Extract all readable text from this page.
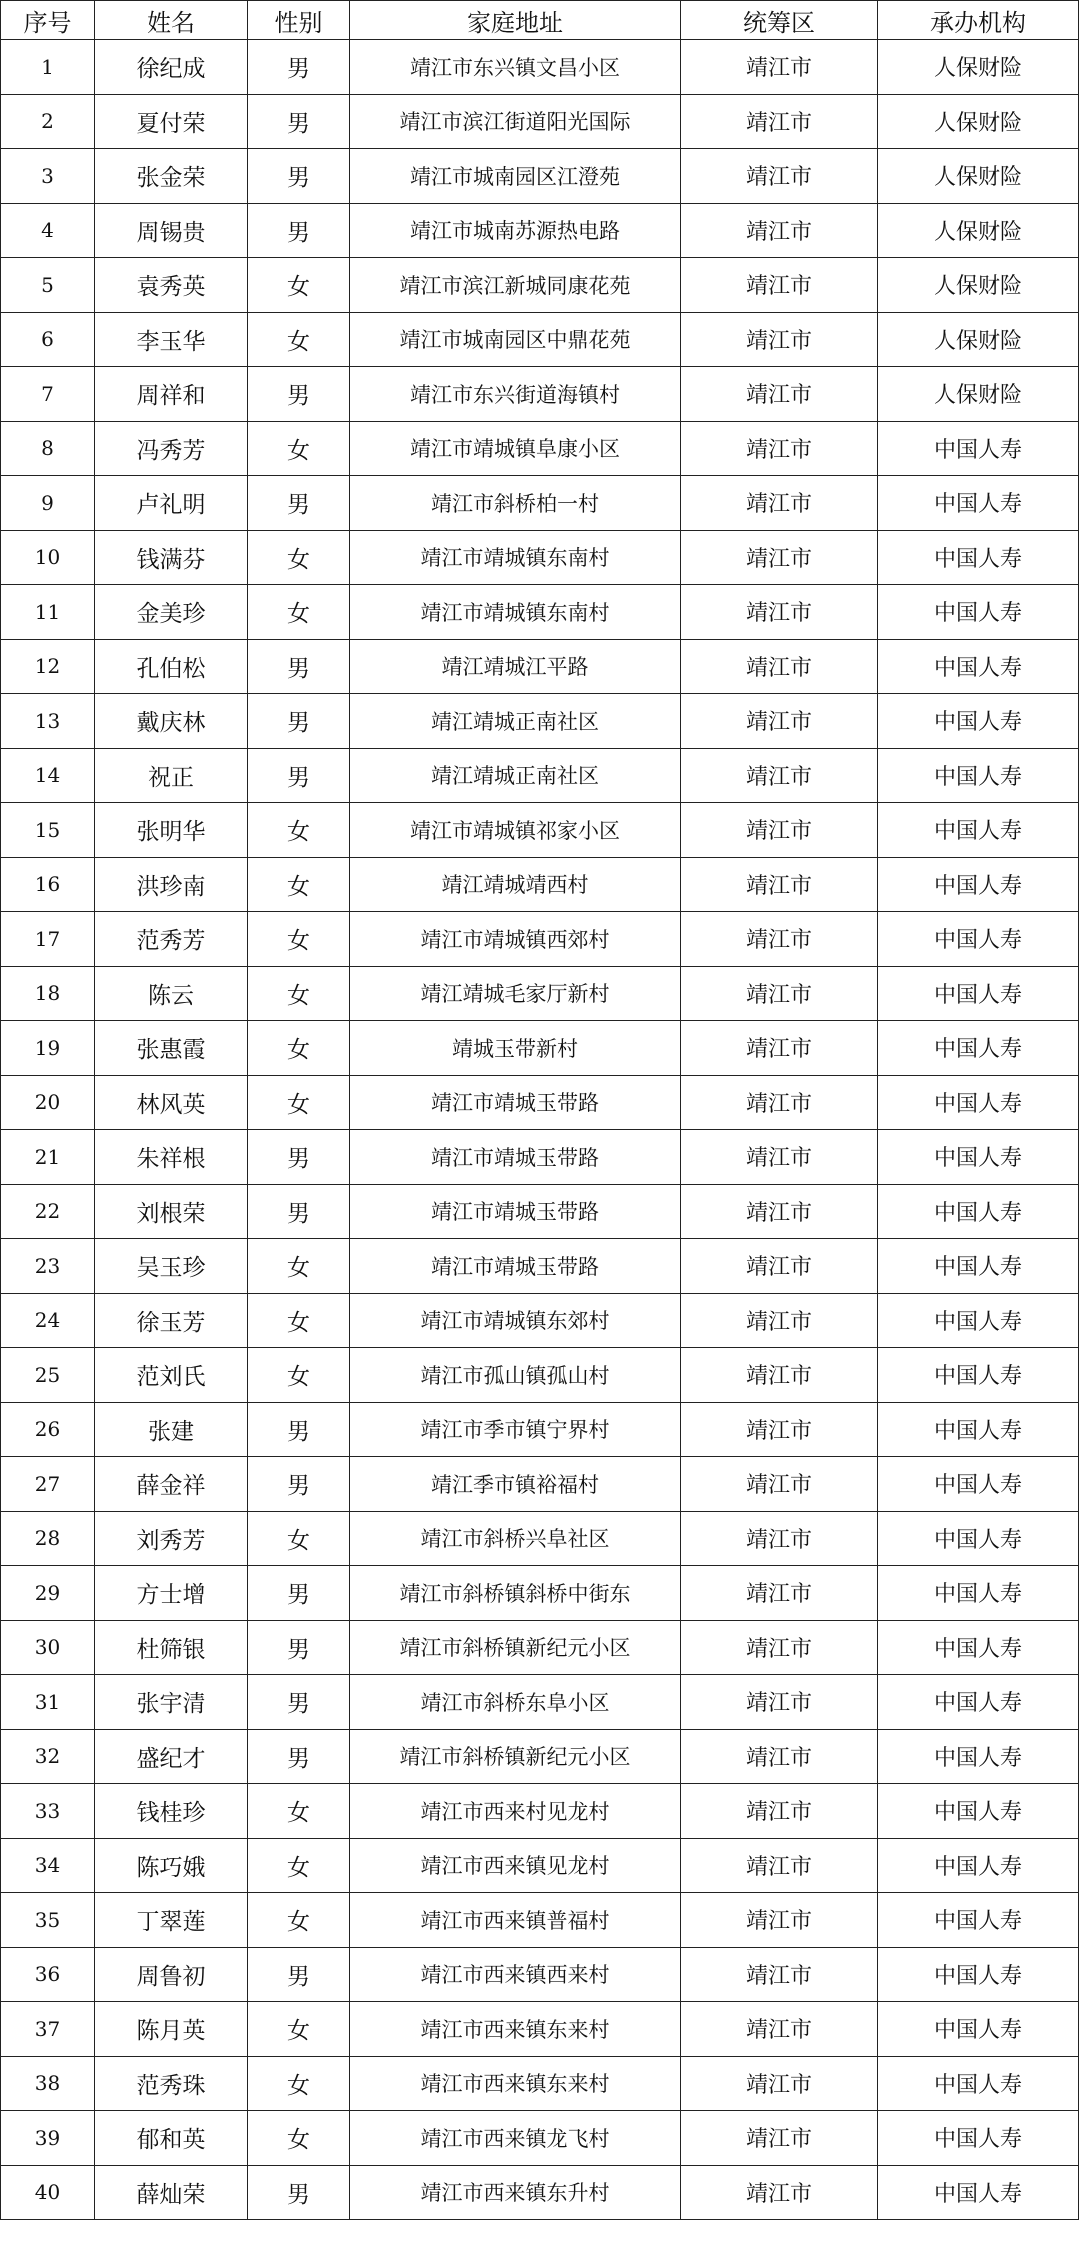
序号	姓名	性别	家庭地址	统筹区	承办机构
1	徐纪成	男	靖江市东兴镇文昌小区	靖江市	人保财险
2	夏付荣	男	靖江市滨江街道阳光国际	靖江市	人保财险
3	张金荣	男	靖江市城南园区江澄苑	靖江市	人保财险
4	周锡贵	男	靖江市城南苏源热电路	靖江市	人保财险
5	袁秀英	女	靖江市滨江新城同康花苑	靖江市	人保财险
6	李玉华	女	靖江市城南园区中鼎花苑	靖江市	人保财险
7	周祥和	男	靖江市东兴街道海镇村	靖江市	人保财险
8	冯秀芳	女	靖江市靖城镇阜康小区	靖江市	中国人寿
9	卢礼明	男	靖江市斜桥柏一村	靖江市	中国人寿
10	钱满芬	女	靖江市靖城镇东南村	靖江市	中国人寿
11	金美珍	女	靖江市靖城镇东南村	靖江市	中国人寿
12	孔伯松	男	靖江靖城江平路	靖江市	中国人寿
13	戴庆林	男	靖江靖城正南社区	靖江市	中国人寿
14	祝正	男	靖江靖城正南社区	靖江市	中国人寿
15	张明华	女	靖江市靖城镇祁家小区	靖江市	中国人寿
16	洪珍南	女	靖江靖城靖西村	靖江市	中国人寿
17	范秀芳	女	靖江市靖城镇西郊村	靖江市	中国人寿
18	陈云	女	靖江靖城毛家厅新村	靖江市	中国人寿
19	张惠霞	女	靖城玉带新村	靖江市	中国人寿
20	林风英	女	靖江市靖城玉带路	靖江市	中国人寿
21	朱祥根	男	靖江市靖城玉带路	靖江市	中国人寿
22	刘根荣	男	靖江市靖城玉带路	靖江市	中国人寿
23	吴玉珍	女	靖江市靖城玉带路	靖江市	中国人寿
24	徐玉芳	女	靖江市靖城镇东郊村	靖江市	中国人寿
25	范刘氏	女	靖江市孤山镇孤山村	靖江市	中国人寿
26	张建	男	靖江市季市镇宁界村	靖江市	中国人寿
27	薛金祥	男	靖江季市镇裕福村	靖江市	中国人寿
28	刘秀芳	女	靖江市斜桥兴阜社区	靖江市	中国人寿
29	方士增	男	靖江市斜桥镇斜桥中街东	靖江市	中国人寿
30	杜筛银	男	靖江市斜桥镇新纪元小区	靖江市	中国人寿
31	张宇清	男	靖江市斜桥东阜小区	靖江市	中国人寿
32	盛纪才	男	靖江市斜桥镇新纪元小区	靖江市	中国人寿
33	钱桂珍	女	靖江市西来村见龙村	靖江市	中国人寿
34	陈巧娥	女	靖江市西来镇见龙村	靖江市	中国人寿
35	丁翠莲	女	靖江市西来镇普福村	靖江市	中国人寿
36	周鲁初	男	靖江市西来镇西来村	靖江市	中国人寿
37	陈月英	女	靖江市西来镇东来村	靖江市	中国人寿
38	范秀珠	女	靖江市西来镇东来村	靖江市	中国人寿
39	郁和英	女	靖江市西来镇龙飞村	靖江市	中国人寿
40	薛灿荣	男	靖江市西来镇东升村	靖江市	中国人寿
